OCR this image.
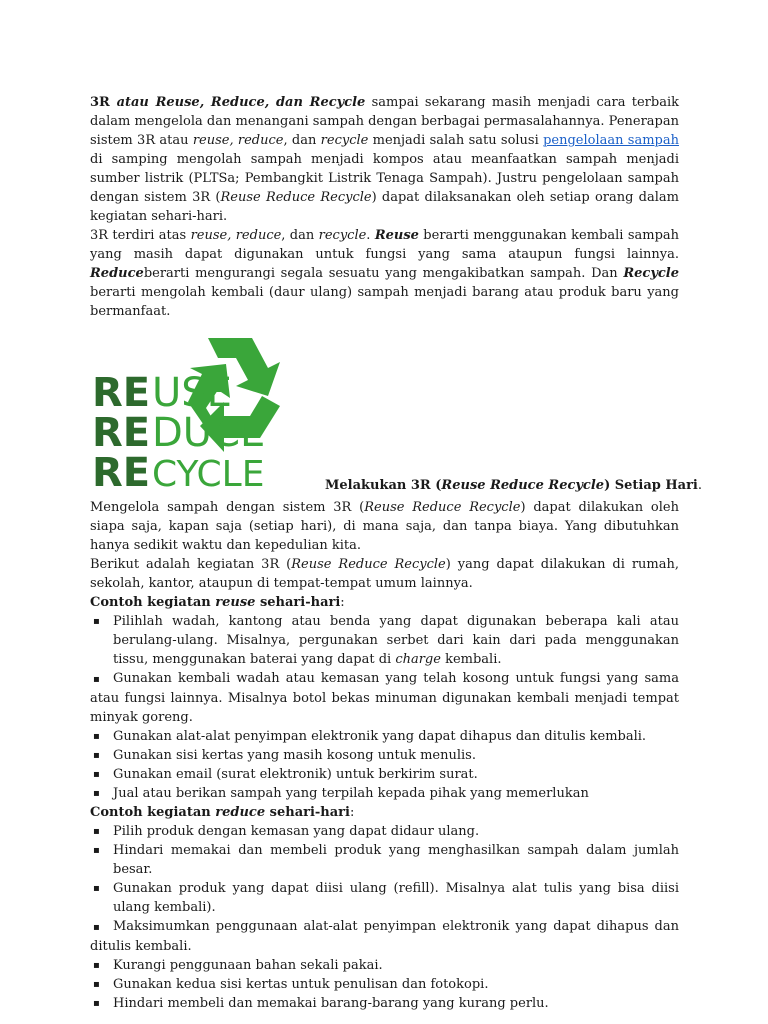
3R atau Reuse, Reduce, dan Recycle sampai sekarang masih menjadi cara terbaik dalam mengelola dan menangani sampah dengan berbagai permasalahannya. Penerapan sistem 3R atau reuse, reduce, dan recycle menjadi salah satu solusi pengelolaan sampah di samping mengolah sampah menjadi kompos atau meanfaatkan sampah menjadi sumber listrik (PLTSa; Pembangkit Listrik Tenaga Sampah). Justru pengelolaan sampah dengan sistem 3R (Reuse Reduce Recycle) dapat dilaksanakan oleh setiap orang dalam kegiatan sehari-hari.

3R terdiri atas reuse, reduce, dan recycle. Reuse berarti menggunakan kembali sampah yang masih dapat digunakan untuk fungsi yang sama ataupun fungsi lainnya. Reduceberarti mengurangi segala sesuatu yang mengakibatkan sampah. Dan Recycle berarti mengolah kembali (daur ulang) sampah menjadi barang atau produk baru yang bermanfaat.

RE USE
RE DUCE
RE CYCLE	Melakukan 3R (Reuse Reduce Recycle) Setiap Hari.

Mengelola sampah dengan sistem 3R (Reuse Reduce Recycle) dapat dilakukan oleh siapa saja, kapan saja (setiap hari), di mana saja, dan tanpa biaya. Yang dibutuhkan hanya sedikit waktu dan kepedulian kita.

Berikut adalah kegiatan 3R (Reuse Reduce Recycle) yang dapat dilakukan di rumah, sekolah, kantor, ataupun di tempat-tempat umum lainnya.

Contoh kegiatan reuse sehari-hari:
▪ Pilihlah wadah, kantong atau benda yang dapat digunakan beberapa kali atau berulang-ulang. Misalnya, pergunakan serbet dari kain dari pada menggunakan tissu, menggunakan baterai yang dapat di charge kembali.
▪ Gunakan kembali wadah atau kemasan yang telah kosong untuk fungsi yang sama atau fungsi lainnya. Misalnya botol bekas minuman digunakan kembali menjadi tempat minyak goreng.
▪ Gunakan alat-alat penyimpan elektronik yang dapat dihapus dan ditulis kembali.
▪ Gunakan sisi kertas yang masih kosong untuk menulis.
▪ Gunakan email (surat elektronik) untuk berkirim surat.
▪ Jual atau berikan sampah yang terpilah kepada pihak yang memerlukan
Contoh kegiatan reduce sehari-hari:
▪ Pilih produk dengan kemasan yang dapat didaur ulang.
▪ Hindari memakai dan membeli produk yang menghasilkan sampah dalam jumlah besar.
▪ Gunakan produk yang dapat diisi ulang (refill). Misalnya alat tulis yang bisa diisi ulang kembali).
▪ Maksimumkan penggunaan alat-alat penyimpan elektronik yang dapat dihapus dan ditulis kembali.
▪ Kurangi penggunaan bahan sekali pakai.
▪ Gunakan kedua sisi kertas untuk penulisan dan fotokopi.
▪ Hindari membeli dan memakai barang-barang yang kurang perlu.
